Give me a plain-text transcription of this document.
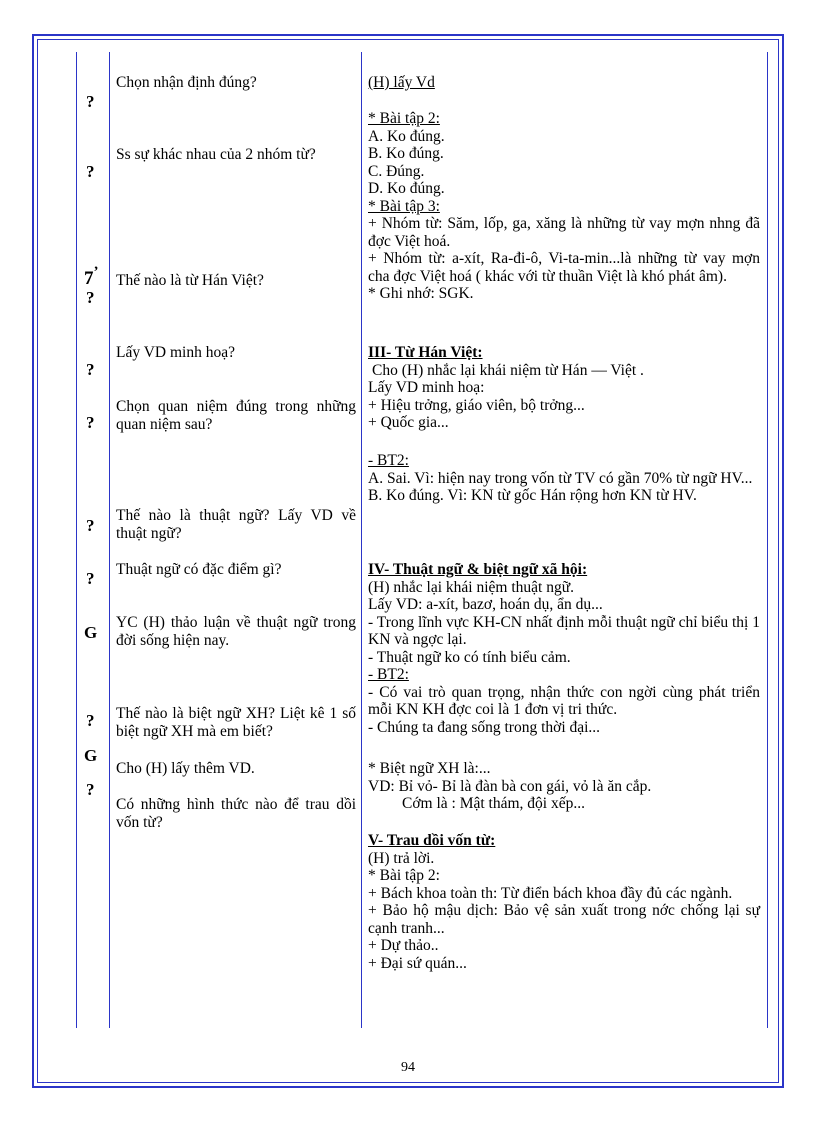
?
?
7’
?
?
?
?
?
G
?
G
?
Chọn nhận định đúng?
Ss sự khác nhau của 2 nhóm từ?
Thế nào là từ Hán Việt?
Lấy VD minh hoạ?
Chọn quan niệm đúng trong những quan niệm sau?
Thế nào là thuật ngữ? Lấy VD về thuật ngữ?
Thuật ngữ có đặc điểm gì?
YC (H) thảo luận về thuật ngữ trong đời sống hiện nay.
Thế nào là biệt ngữ XH? Liệt kê 1 số biệt ngữ XH mà em biết?
Cho (H) lấy thêm VD.
Có những hình thức nào để trau dồi vốn từ?
(H) lấy Vd
* Bài tập 2:
A. Ko đúng.
B. Ko đúng.
C. Đúng.
D. Ko đúng.
* Bài tập 3:
+ Nhóm từ: Săm, lốp, ga, xăng là những từ vay mợn nhng đã đợc Việt hoá.
+ Nhóm từ: a-xít, Ra-đi-ô, Vi-ta-min...là những từ vay mợn cha đợc Việt hoá ( khác với từ thuần Việt là khó phát âm).
* Ghi nhớ: SGK.
III- Từ Hán Việt:
Cho (H) nhắc lại khái niệm từ Hán — Việt .
Lấy VD minh hoạ:
+ Hiệu trởng, giáo viên, bộ trởng...
+ Quốc gia...
- BT2:
A. Sai. Vì: hiện nay trong vốn từ TV có gần 70% từ ngữ HV...
B. Ko đúng. Vì: KN từ gốc Hán rộng hơn KN từ HV.
IV- Thuật ngữ & biệt ngữ xã hội:
(H) nhắc lại khái niệm thuật ngữ.
Lấy VD: a-xít, bazơ, hoán dụ, ẩn dụ...
- Trong lĩnh vực KH-CN nhất định mỗi thuật ngữ chỉ biểu thị 1 KN và ngợc lại.
- Thuật ngữ ko có tính biểu cảm.
- BT2:
- Có vai trò quan trọng, nhận thức con ngời cùng phát triển mỗi KN KH đợc coi là 1 đơn vị tri thức.
- Chúng ta đang sống trong thời đại...
* Biệt ngữ XH là:...
VD: Bỉ vỏ- Bỉ là đàn bà con gái, vỏ là ăn cắp.
Cớm là : Mật thám, đội xếp...
V- Trau dồi vốn từ:
(H) trả lời.
* Bài tập 2:
+ Bách khoa toàn th: Từ điển bách khoa đầy đủ các ngành.
+ Bảo hộ mậu dịch: Bảo vệ sản xuất trong nớc chống lại sự cạnh tranh...
+ Dự thảo..
+ Đại sứ quán...
94
